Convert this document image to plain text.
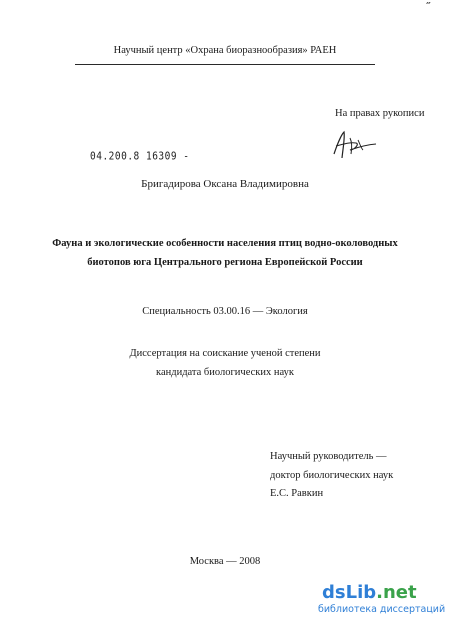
″
Научный центр «Охрана биоразнообразия» РАЕН
На правах рукописи
04.200.8 16309 -
Бригадирова Оксана Владимировна
Фауна и экологические особенности населения птиц водно-околоводных
биотопов юга Центрального региона Европейской России
Специальность 03.00.16 — Экология
Диссертация на соискание ученой степени
кандидата биологических наук
Научный руководитель —
доктор биологических наук
Е.С. Равкин
Москва — 2008
dsLib.net
библиотека диссертаций
